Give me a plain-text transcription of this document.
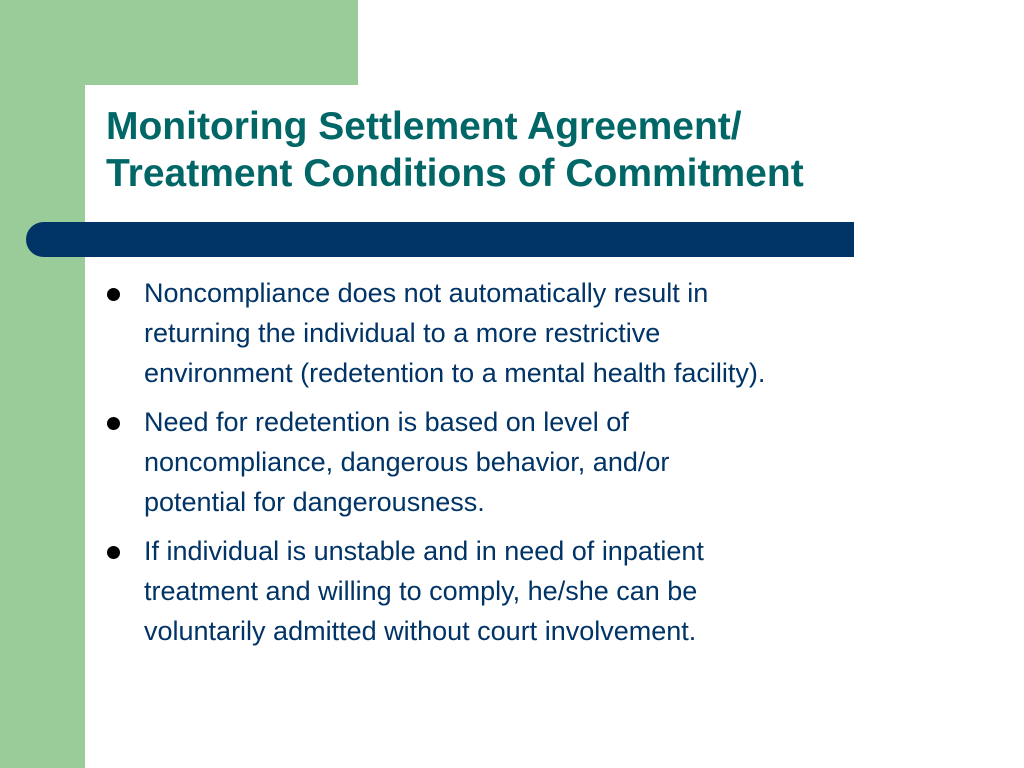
Monitoring Settlement Agreement/
Treatment Conditions of Commitment
Noncompliance does not automatically result in
returning the individual to a more restrictive
environment (redetention to a mental health facility).
Need for redetention is based on level of
noncompliance, dangerous behavior, and/or
potential for dangerousness.
If individual is unstable and in need of inpatient
treatment and willing to comply, he/she can be
voluntarily admitted without court involvement.
